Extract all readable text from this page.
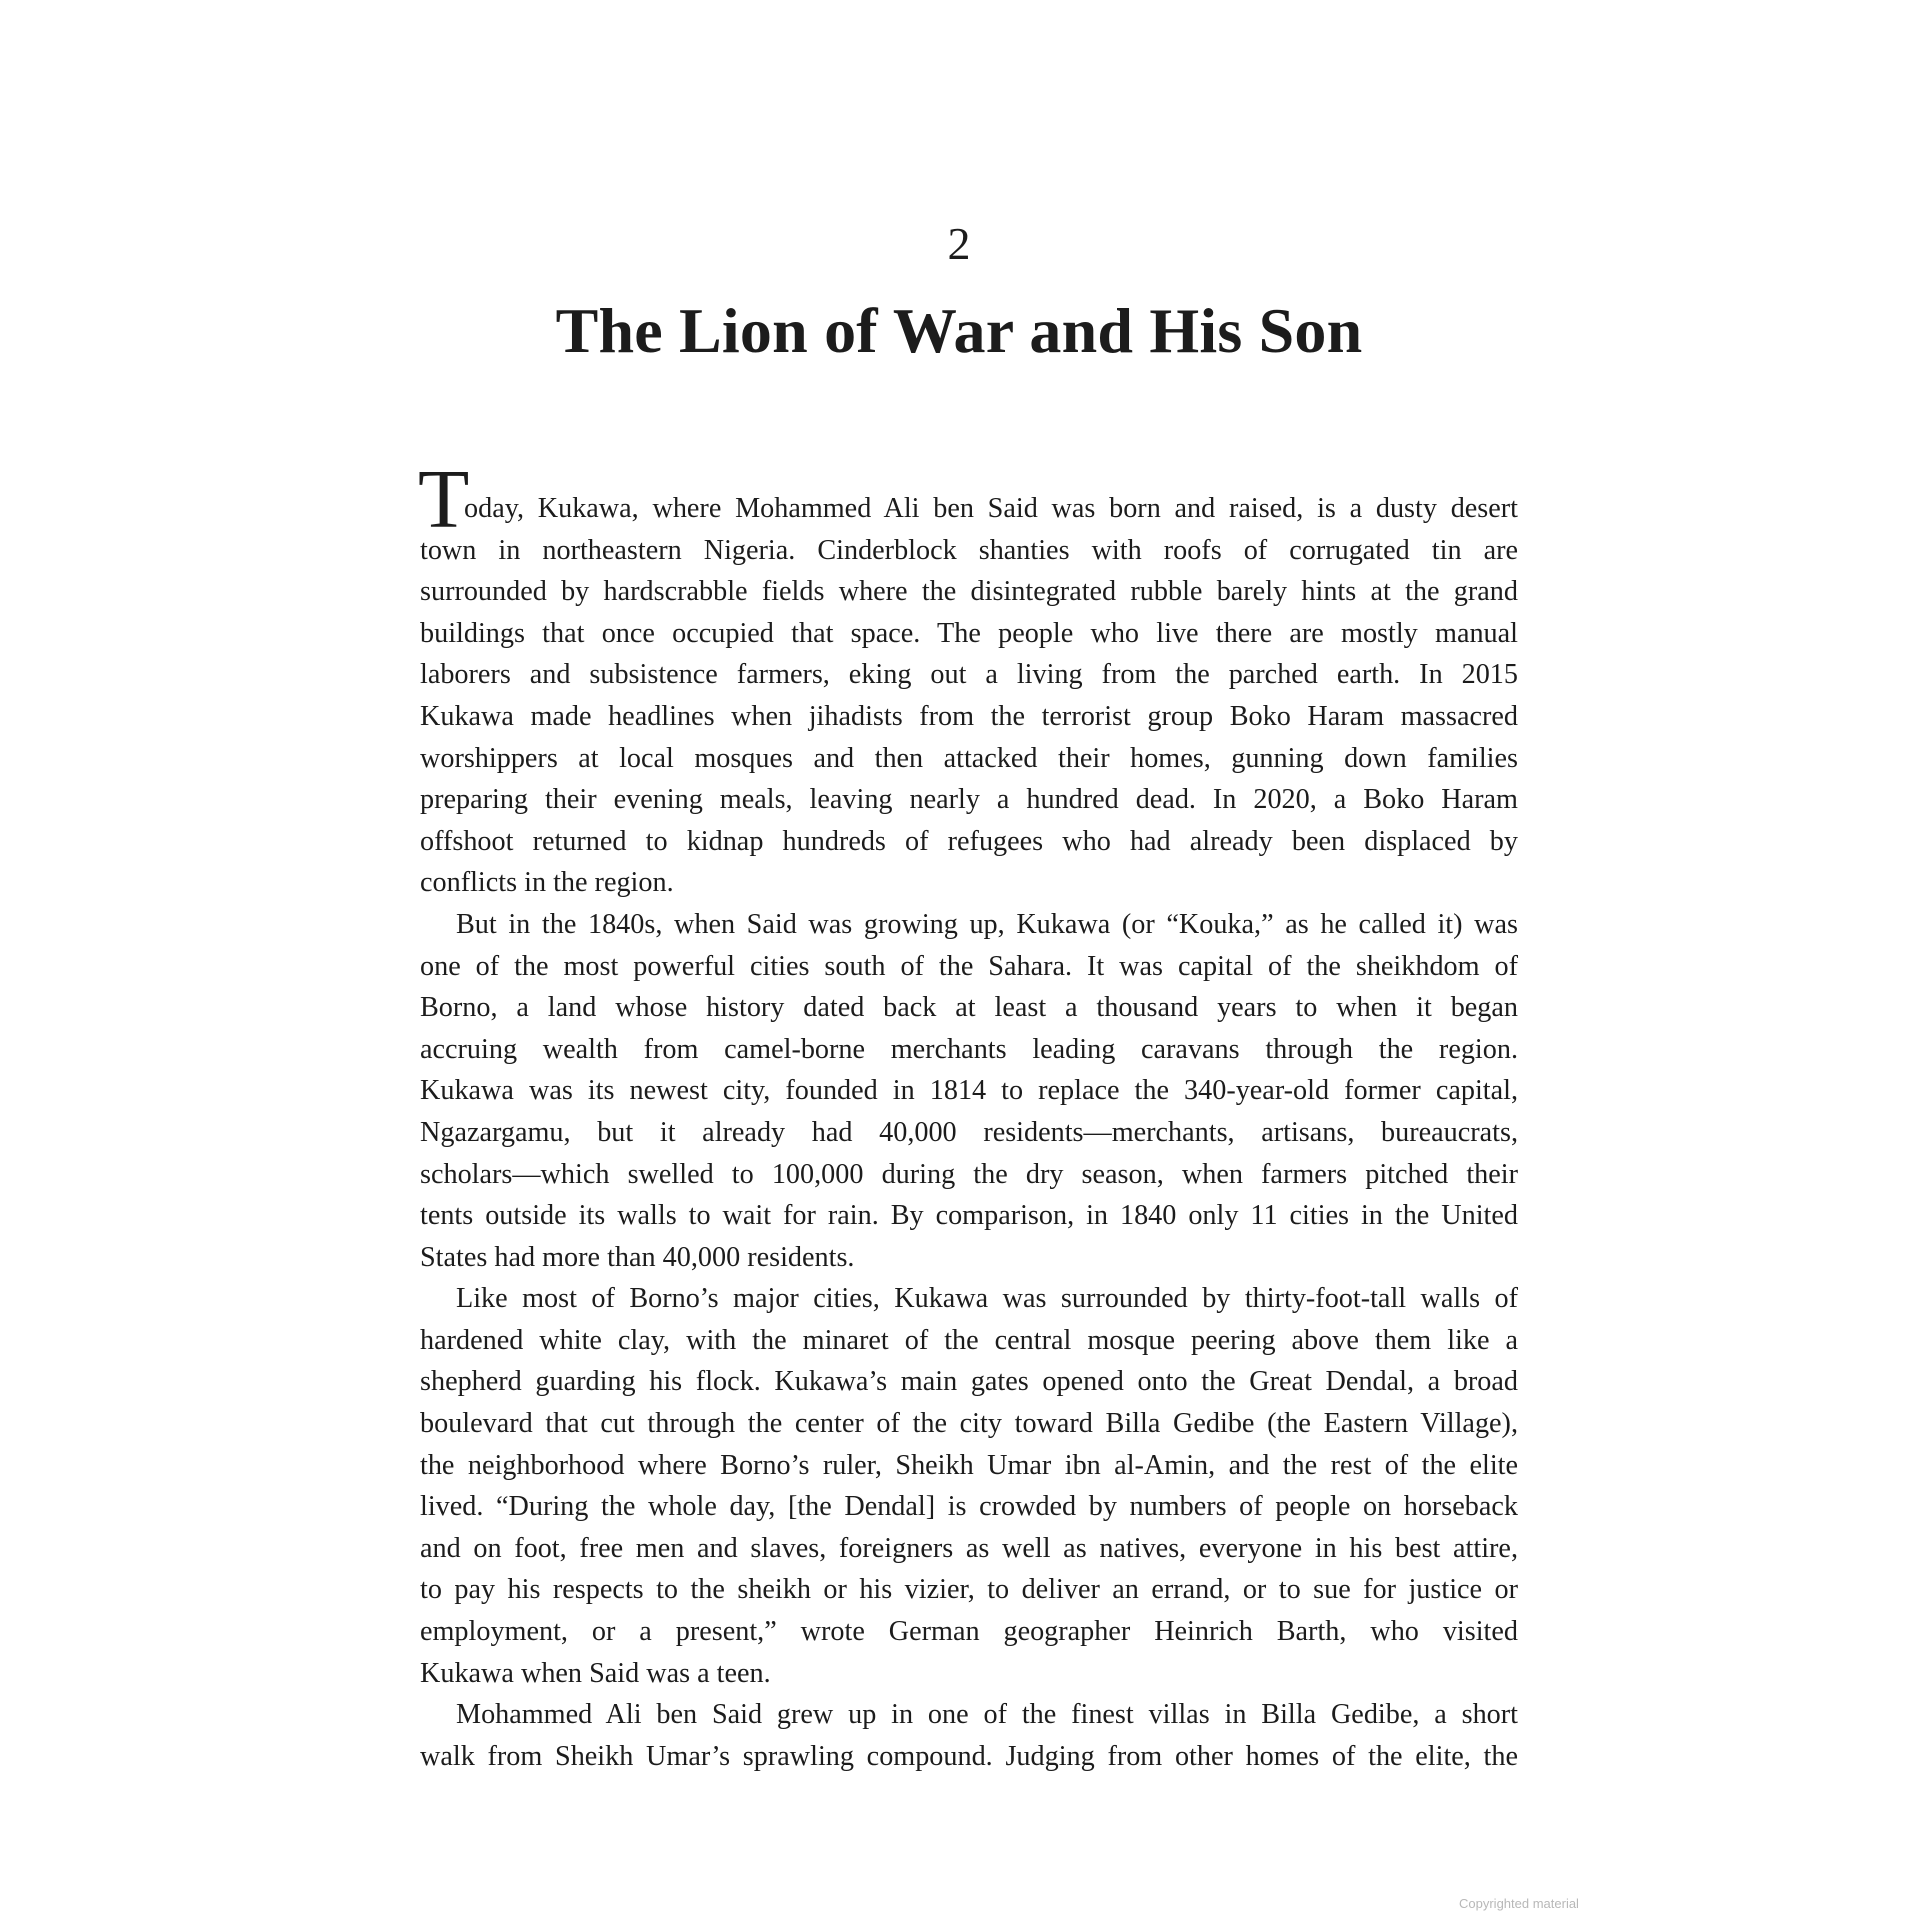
2
The Lion of War and His Son
T
oday, Kukawa, where Mohammed Ali ben Said was born and raised, is a dusty desert
town in northeastern Nigeria. Cinderblock shanties with roofs of corrugated tin are
surrounded by hardscrabble fields where the disintegrated rubble barely hints at the grand
buildings that once occupied that space. The people who live there are mostly manual
laborers and subsistence farmers, eking out a living from the parched earth. In 2015
Kukawa made headlines when jihadists from the terrorist group Boko Haram massacred
worshippers at local mosques and then attacked their homes, gunning down families
preparing their evening meals, leaving nearly a hundred dead. In 2020, a Boko Haram
offshoot returned to kidnap hundreds of refugees who had already been displaced by
conflicts in the region.
But in the 1840s, when Said was growing up, Kukawa (or “Kouka,” as he called it) was
one of the most powerful cities south of the Sahara. It was capital of the sheikhdom of
Borno, a land whose history dated back at least a thousand years to when it began
accruing wealth from camel-borne merchants leading caravans through the region.
Kukawa was its newest city, founded in 1814 to replace the 340-year-old former capital,
Ngazargamu, but it already had 40,000 residents—merchants, artisans, bureaucrats,
scholars—which swelled to 100,000 during the dry season, when farmers pitched their
tents outside its walls to wait for rain. By comparison, in 1840 only 11 cities in the United
States had more than 40,000 residents.
Like most of Borno’s major cities, Kukawa was surrounded by thirty-foot-tall walls of
hardened white clay, with the minaret of the central mosque peering above them like a
shepherd guarding his flock. Kukawa’s main gates opened onto the Great Dendal, a broad
boulevard that cut through the center of the city toward Billa Gedibe (the Eastern Village),
the neighborhood where Borno’s ruler, Sheikh Umar ibn al-Amin, and the rest of the elite
lived. “During the whole day, [the Dendal] is crowded by numbers of people on horseback
and on foot, free men and slaves, foreigners as well as natives, everyone in his best attire,
to pay his respects to the sheikh or his vizier, to deliver an errand, or to sue for justice or
employment, or a present,” wrote German geographer Heinrich Barth, who visited
Kukawa when Said was a teen.
Mohammed Ali ben Said grew up in one of the finest villas in Billa Gedibe, a short
walk from Sheikh Umar’s sprawling compound. Judging from other homes of the elite, the
Copyrighted material
